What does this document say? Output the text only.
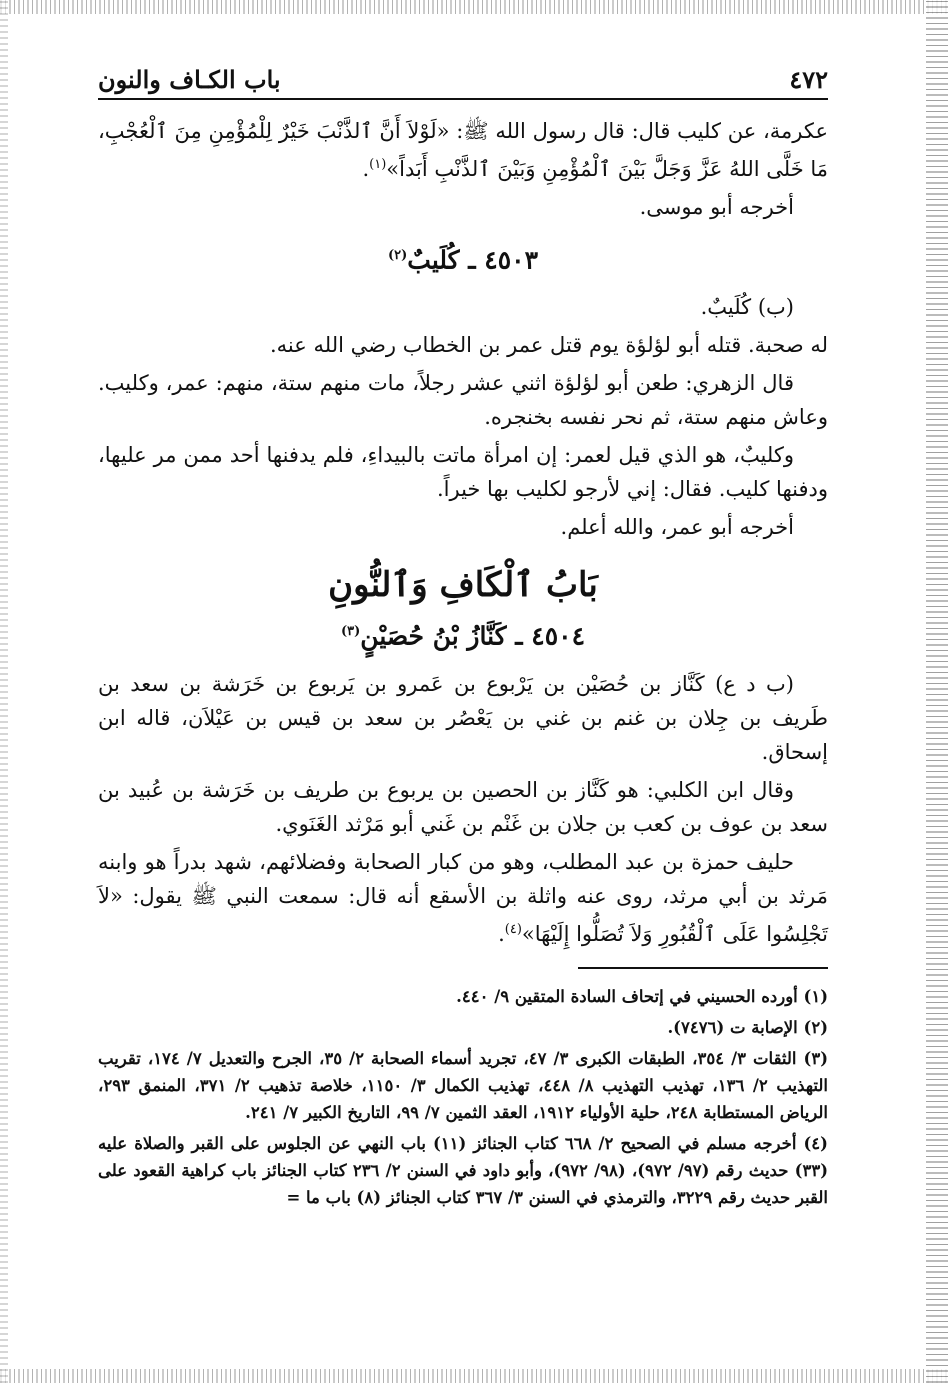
٤٧٢
باب الكـاف والنون

عكرمة، عن كليب قال: قال رسول الله ﷺ: «لَوْلاَ أَنَّ ٱلذَّنْبَ خَيْرٌ لِلْمُؤْمِنِ مِنَ ٱلْعُجْبِ، مَا خَلَّى اللهُ عَزَّ وَجَلَّ بَيْنَ ٱلْمُؤْمِنِ وَبَيْنَ ٱلذَّنْبِ أَبَداً»$^{(١)}$.

أخرجه أبو موسى.

٤٥٠٣ ـ كُلَيبٌ$^{(٢)}$

(ب) كُلَيبٌ.

له صحبة. قتله أبو لؤلؤة يوم قتل عمر بن الخطاب رضي الله عنه.

قال الزهري: طعن أبو لؤلؤة اثني عشر رجلاً، مات منهم ستة، منهم: عمر، وكليب. وعاش منهم ستة، ثم نحر نفسه بخنجره.

وكليبٌ، هو الذي قيل لعمر: إن امرأة ماتت بالبيداءِ، فلم يدفنها أحد ممن مر عليها، ودفنها كليب. فقال: إني لأرجو لكليب بها خيراً.

أخرجه أبو عمر، والله أعلم.

بَابُ ٱلْكَافِ وَٱلنُّونِ
٤٥٠٤ ـ كَنَّازُ بْنُ حُصَيْنٍ$^{(٣)}$

(ب د ع) كَنَّاز بن حُصَيْن بن يَرْبوع بن عَمرو بن يَربوع بن خَرَشة بن سعد بن طَريف بن جِلان بن غنم بن غني بن يَعْصُر بن سعد بن قيس بن عَيْلاَن، قاله ابن إسحاق.

وقال ابن الكلبي: هو كَنَّاز بن الحصين بن يربوع بن طريف بن خَرَشة بن عُبيد بن سعد بن عوف بن كعب بن جلان بن غَنْم بن غَني أبو مَرْثد الغَنَوي.

حليف حمزة بن عبد المطلب، وهو من كبار الصحابة وفضلائهم، شهد بدراً هو وابنه مَرثد بن أبي مرثد، روى عنه واثلة بن الأسقع أنه قال: سمعت النبي ﷺ يقول: «لاَ تَجْلِسُوا عَلَى ٱلْقُبُورِ وَلاَ تُصَلُّوا إِلَيْهَا»$^{(٤)}$.

(١) أورده الحسيني في إتحاف السادة المتقين ٩/ ٤٤٠.

(٢) الإصابة ت (٧٤٧٦).

(٣) الثقات ٣/ ٣٥٤، الطبقات الكبرى ٣/ ٤٧، تجريد أسماء الصحابة ٢/ ٣٥، الجرح والتعديل ٧/ ١٧٤، تقريب التهذيب ٢/ ١٣٦، تهذيب التهذيب ٨/ ٤٤٨، تهذيب الكمال ٣/ ١١٥٠، خلاصة تذهيب ٢/ ٣٧١، المنمق ٢٩٣، الرياض المستطابة ٢٤٨، حلية الأولياء ١٩١٢، العقد الثمين ٧/ ٩٩، التاريخ الكبير ٧/ ٢٤١.

(٤) أخرجه مسلم في الصحيح ٢/ ٦٦٨ كتاب الجنائز (١١) باب النهي عن الجلوس على القبر والصلاة عليه (٣٣) حديث رقم (٩٧/ ٩٧٢)، (٩٨/ ٩٧٢)، وأبو داود في السنن ٢/ ٢٣٦ كتاب الجنائز باب كراهية القعود على القبر حديث رقم ٣٢٢٩، والترمذي في السنن ٣/ ٣٦٧ كتاب الجنائز (٨) باب ما =
